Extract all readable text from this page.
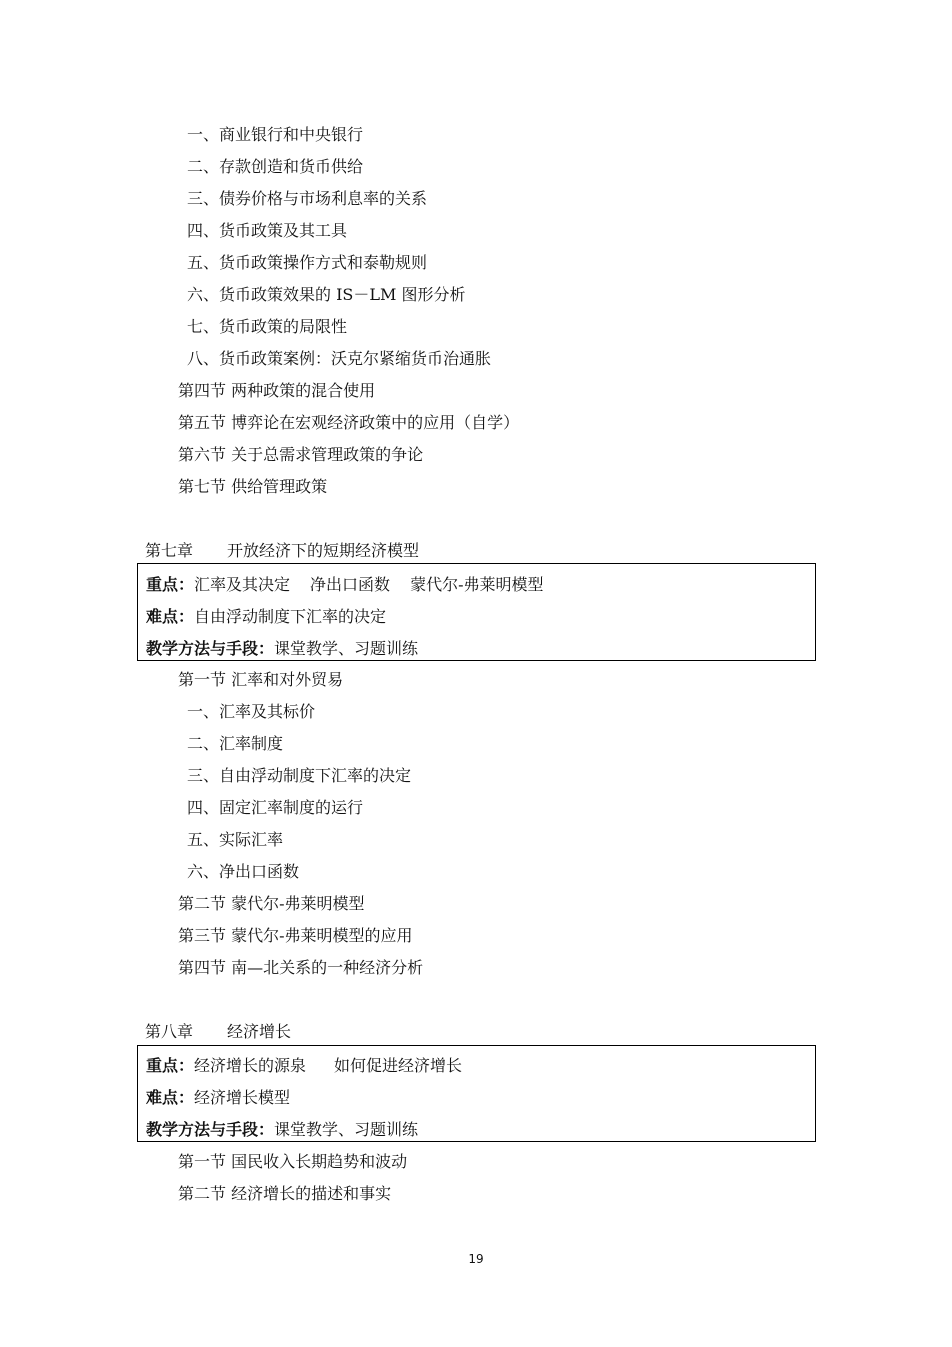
一、商业银行和中央银行
二、存款创造和货币供给
三、债券价格与市场利息率的关系
四、货币政策及其工具
五、货币政策操作方式和泰勒规则
六、货币政策效果的 IS－LM 图形分析
七、货币政策的局限性
八、货币政策案例：沃克尔紧缩货币治通胀
第四节 两种政策的混合使用
第五节 博弈论在宏观经济政策中的应用（自学）
第六节 关于总需求管理政策的争论
第七节 供给管理政策
第七章 开放经济下的短期经济模型
重点：汇率及其决定 净出口函数 蒙代尔-弗莱明模型
难点：自由浮动制度下汇率的决定
教学方法与手段：课堂教学、习题训练
第一节 汇率和对外贸易
一、汇率及其标价
二、汇率制度
三、自由浮动制度下汇率的决定
四、固定汇率制度的运行
五、实际汇率
六、净出口函数
第二节 蒙代尔-弗莱明模型
第三节 蒙代尔-弗莱明模型的应用
第四节 南—北关系的一种经济分析
第八章 经济增长
重点：经济增长的源泉 如何促进经济增长
难点：经济增长模型
教学方法与手段：课堂教学、习题训练
第一节 国民收入长期趋势和波动
第二节 经济增长的描述和事实
19
